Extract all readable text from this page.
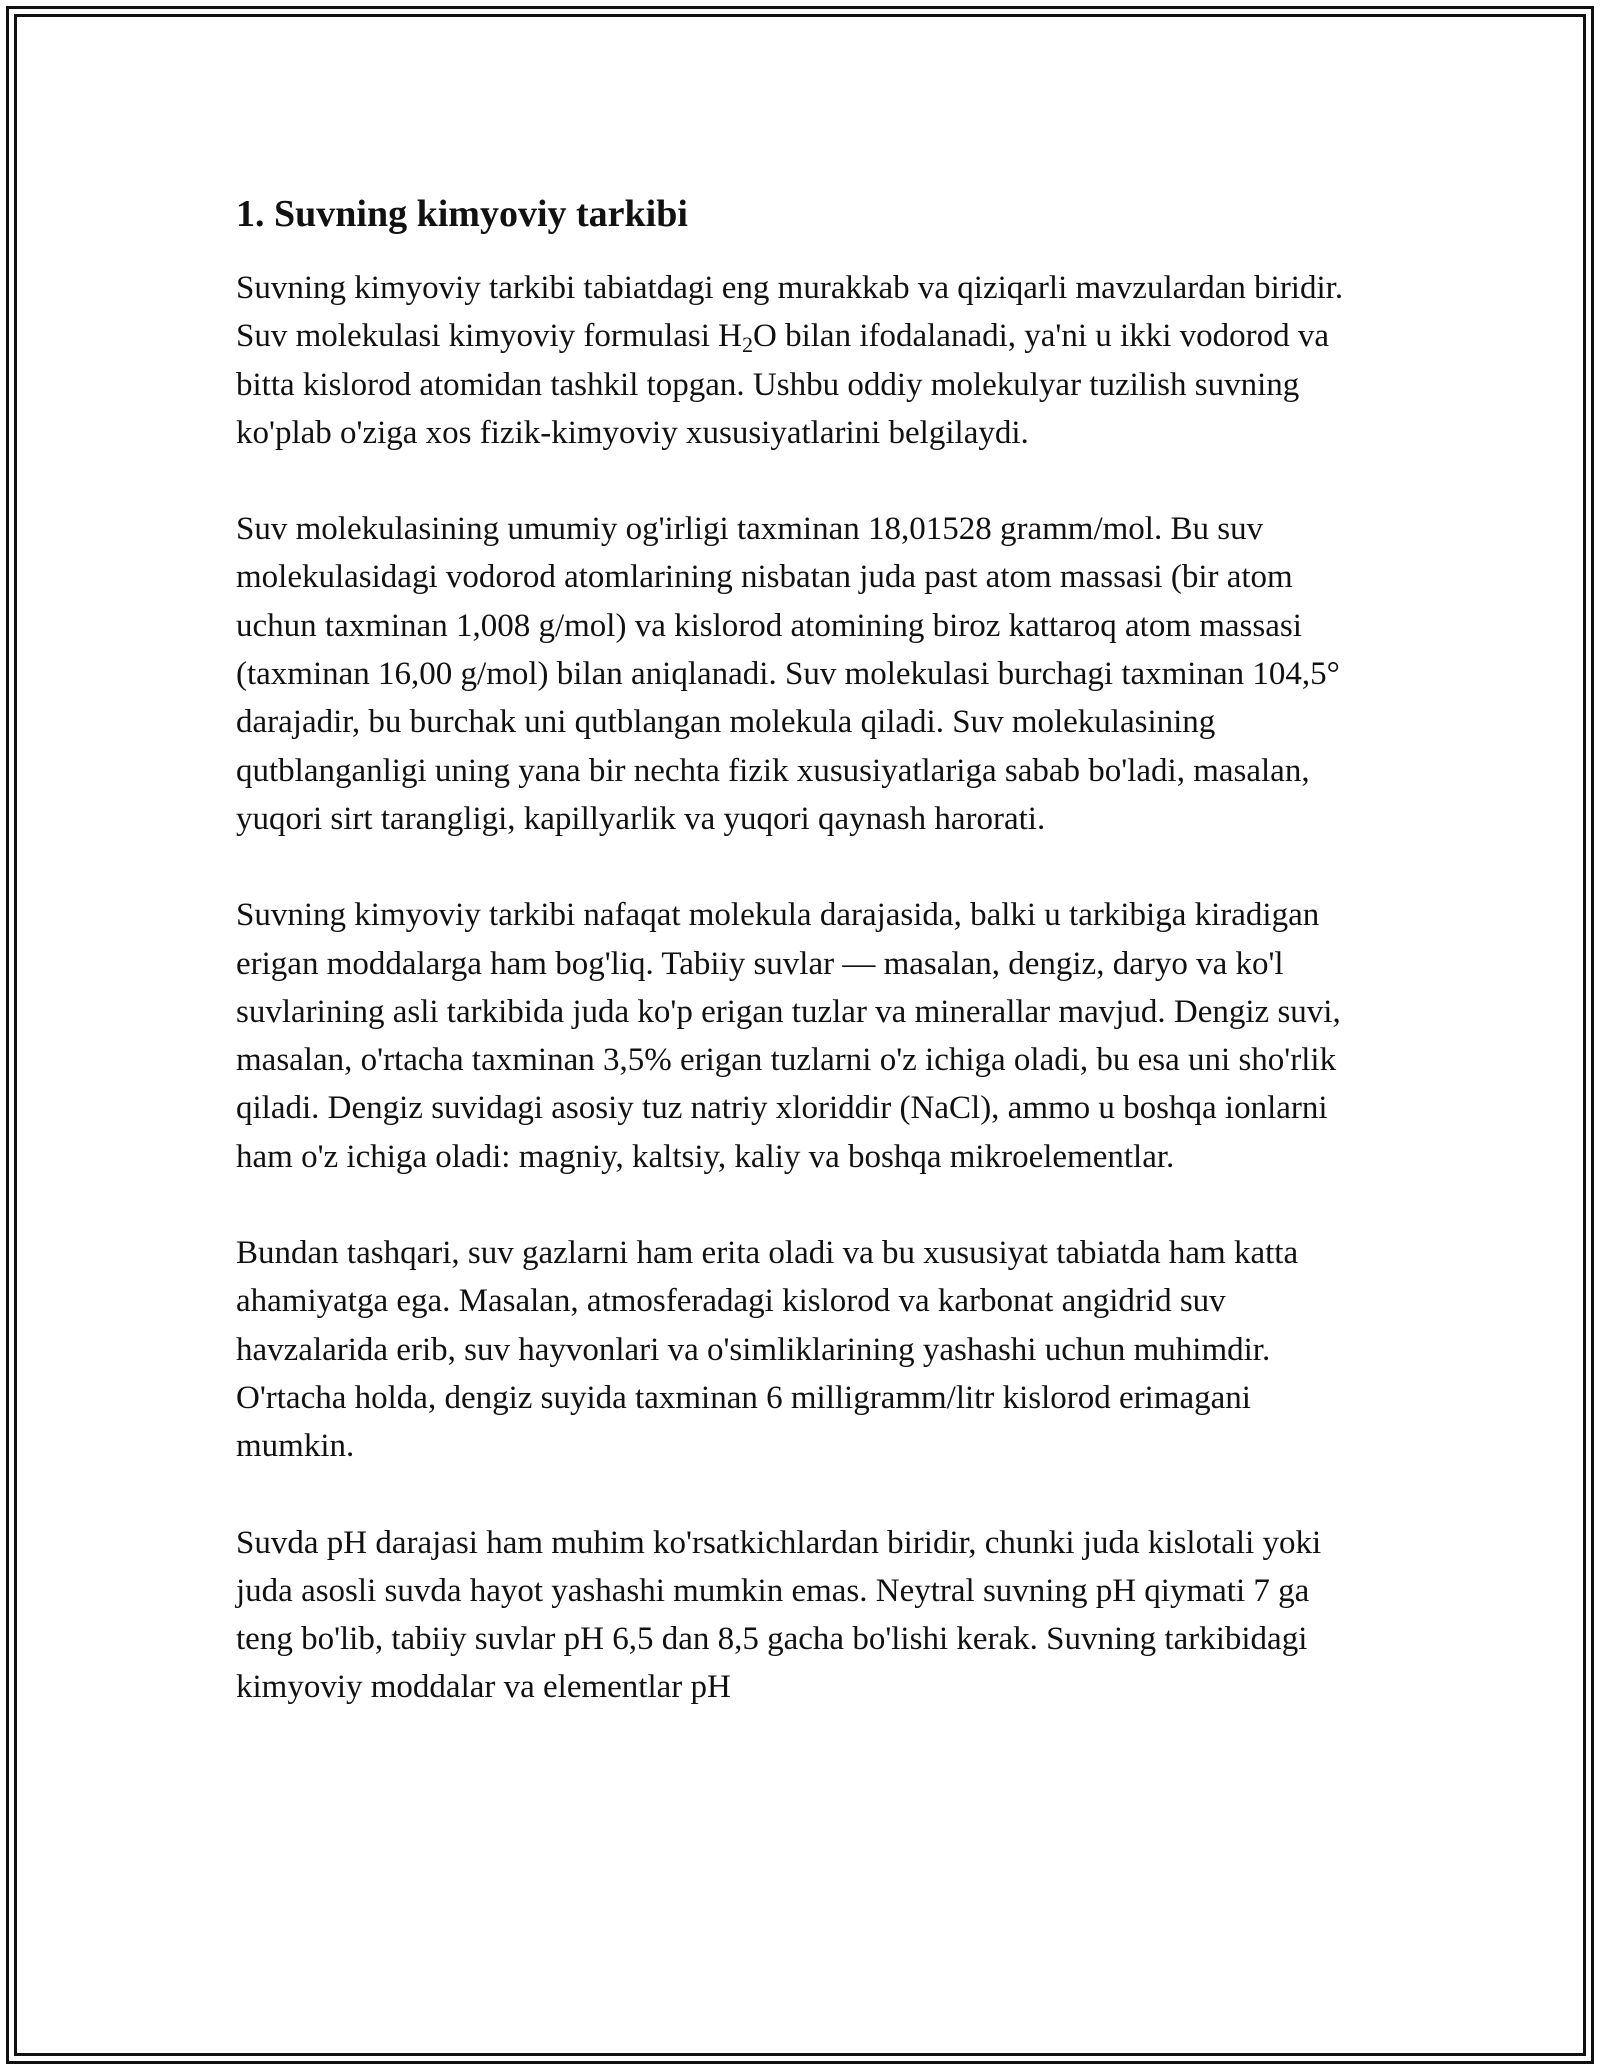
1. Suvning kimyoviy tarkibi

Suvning kimyoviy tarkibi tabiatdagi eng murakkab va qiziqarli mavzulardan biridir. Suv molekulasi kimyoviy formulasi $H_2O$ bilan ifodalanadi, ya'ni u ikki vodorod va bitta kislorod atomidan tashkil topgan. Ushbu oddiy molekulyar tuzilish suvning ko'plab o'ziga xos fizik-kimyoviy xususiyatlarini belgilaydi.

Suv molekulasining umumiy og'irligi taxminan 18,01528 gramm/mol. Bu suv molekulasidagi vodorod atomlarining nisbatan juda past atom massasi (bir atom uchun taxminan 1,008 g/mol) va kislorod atomining biroz kattaroq atom massasi (taxminan 16,00 g/mol) bilan aniqlanadi. Suv molekulasi burchagi taxminan 104,5° darajadir, bu burchak uni qutblangan molekula qiladi. Suv molekulasining qutblanganligi uning yana bir nechta fizik xususiyatlariga sabab bo'ladi, masalan, yuqori sirt tarangligi, kapillyarlik va yuqori qaynash harorati.

Suvning kimyoviy tarkibi nafaqat molekula darajasida, balki u tarkibiga kiradigan erigan moddalarga ham bog'liq. Tabiiy suvlar — masalan, dengiz, daryo va ko'l suvlarining asli tarkibida juda ko'p erigan tuzlar va minerallar mavjud. Dengiz suvi, masalan, o'rtacha taxminan 3,5% erigan tuzlarni o'z ichiga oladi, bu esa uni sho'rlik qiladi. Dengiz suvidagi asosiy tuz natriy xloriddir (NaCl), ammo u boshqa ionlarni ham o'z ichiga oladi: magniy, kaltsiy, kaliy va boshqa mikroelementlar.

Bundan tashqari, suv gazlarni ham erita oladi va bu xususiyat tabiatda ham katta ahamiyatga ega. Masalan, atmosferadagi kislorod va karbonat angidrid suv havzalarida erib, suv hayvonlari va o'simliklarining yashashi uchun muhimdir. O'rtacha holda, dengiz suyida taxminan 6 milligramm/litr kislorod erimagani mumkin.

Suvda pH darajasi ham muhim ko'rsatkichlardan biridir, chunki juda kislotali yoki juda asosli suvda hayot yashashi mumkin emas. Neytral suvning pH qiymati 7 ga teng bo'lib, tabiiy suvlar pH 6,5 dan 8,5 gacha bo'lishi kerak. Suvning tarkibidagi kimyoviy moddalar va elementlar pH
